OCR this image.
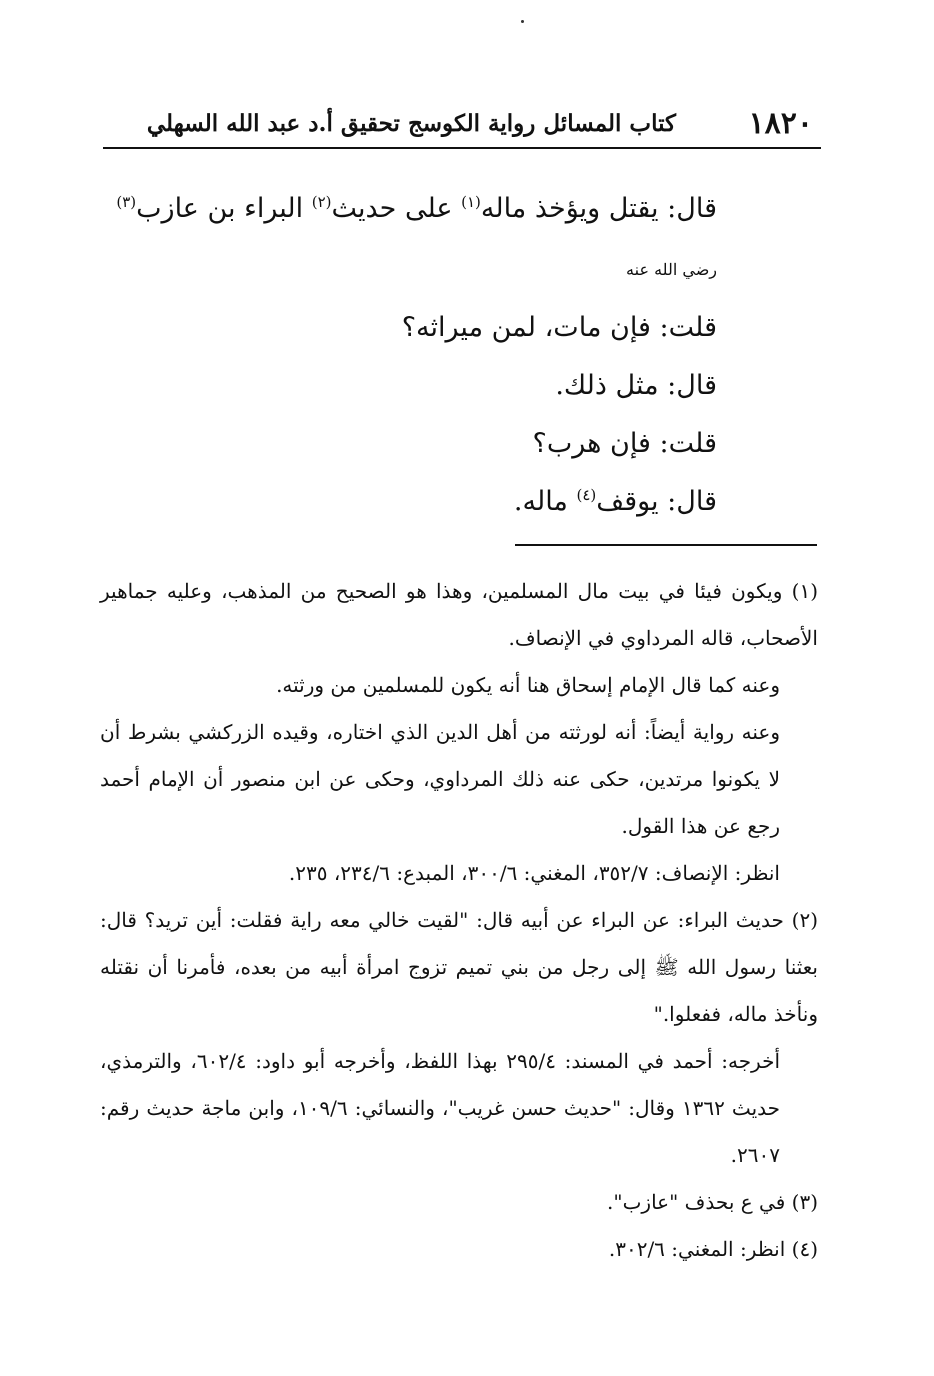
١٨٢٠
كتاب المسائل رواية الكوسج تحقيق أ.د عبد الله السهلي
قال: يقتل ويؤخذ ماله$^{(١)}$ على حديث$^{(٢)}$ البراء بن عازب$^{(٣)}$
رضي الله عنه
قلت: فإن مات، لمن ميراثه؟
قال: مثل ذلك.
قلت: فإن هرب؟
قال: يوقف$^{(٤)}$ ماله.

(١) ويكون فيئا في بيت مال المسلمين، وهذا هو الصحيح من المذهب، وعليه جماهير الأصحاب، قاله المرداوي في الإنصاف.

وعنه كما قال الإمام إسحاق هنا أنه يكون للمسلمين من ورثته.

وعنه رواية أيضاً: أنه لورثته من أهل الدين الذي اختاره، وقيده الزركشي بشرط أن لا يكونوا مرتدين، حكى عنه ذلك المرداوي، وحكى عن ابن منصور أن الإمام أحمد رجع عن هذا القول.

انظر: الإنصاف: ٣٥٢/٧، المغني: ٣٠٠/٦، المبدع: ٢٣٤/٦، ٢٣٥.

(٢) حديث البراء: عن البراء عن أبيه قال: "لقيت خالي معه راية فقلت: أين تريد؟ قال: بعثنا رسول الله ﷺ إلى رجل من بني تميم تزوج امرأة أبيه من بعده، فأمرنا أن نقتله ونأخذ ماله، ففعلوا."

أخرجه: أحمد في المسند: ٢٩٥/٤ بهذا اللفظ، وأخرجه أبو داود: ٦٠٢/٤، والترمذي، حديث ١٣٦٢ وقال: "حديث حسن غريب"، والنسائي: ١٠٩/٦، وابن ماجة حديث رقم: ٢٦٠٧.

(٣) في ع بحذف "عازب".

(٤) انظر: المغني: ٣٠٢/٦.
